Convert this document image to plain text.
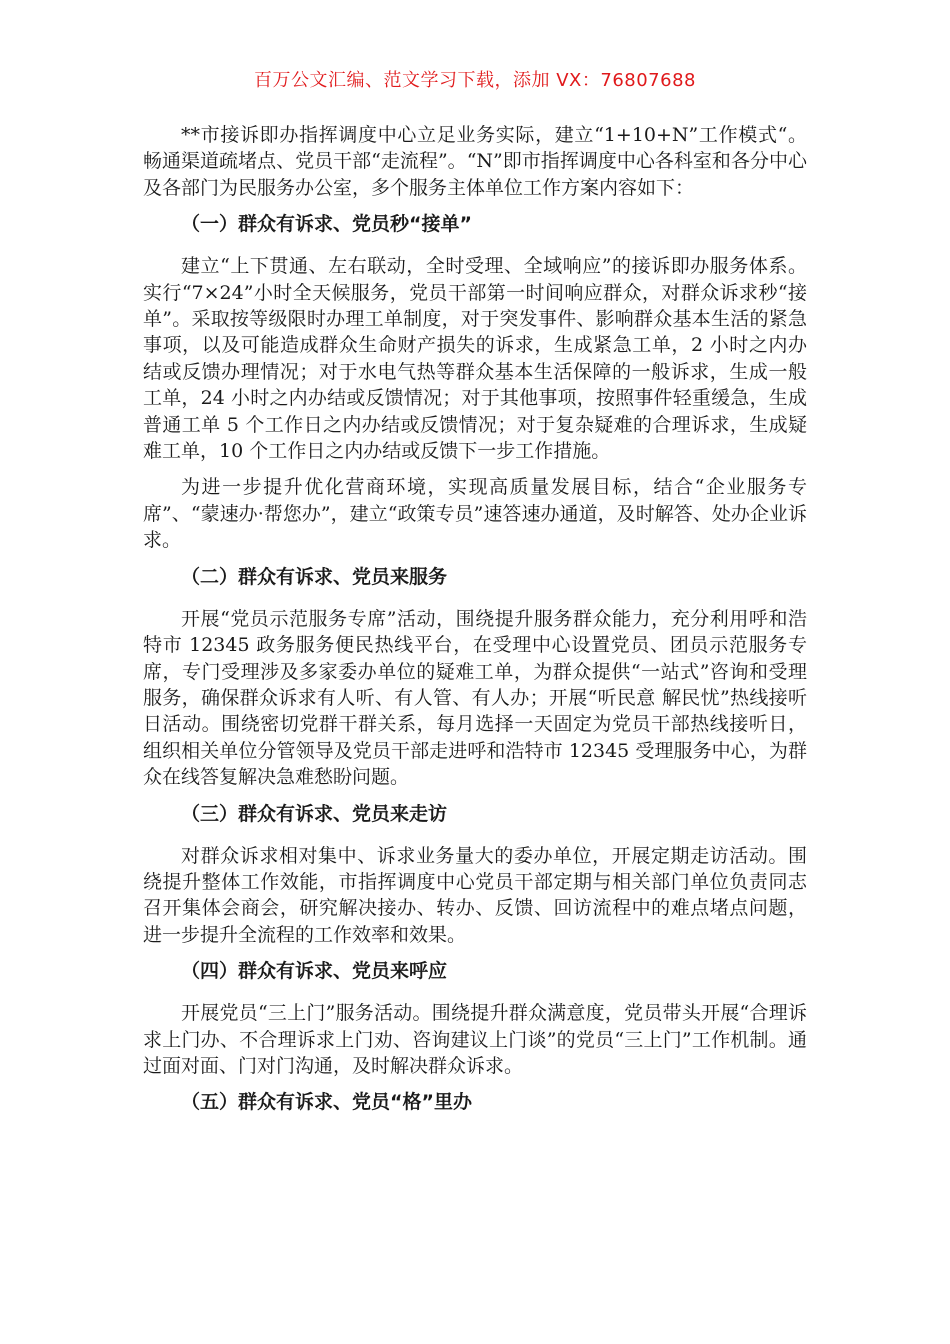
百万公文汇编、范文学习下载，添加 VX：76807688

**市接诉即办指挥调度中心立足业务实际，建立“1+10+N”工作模式“。畅通渠道疏堵点、党员干部“走流程”。“N”即市指挥调度中心各科室和各分中心及各部门为民服务办公室，多个服务主体单位工作方案内容如下：

（一）群众有诉求、党员秒“接单”

建立“上下贯通、左右联动，全时受理、全域响应”的接诉即办服务体系。实行“7×24”小时全天候服务，党员干部第一时间响应群众，对群众诉求秒“接单”。采取按等级限时办理工单制度，对于突发事件、影响群众基本生活的紧急事项，以及可能造成群众生命财产损失的诉求，生成紧急工单，2 小时之内办结或反馈办理情况；对于水电气热等群众基本生活保障的一般诉求，生成一般工单，24 小时之内办结或反馈情况；对于其他事项，按照事件轻重缓急，生成普通工单 5 个工作日之内办结或反馈情况；对于复杂疑难的合理诉求，生成疑难工单，10 个工作日之内办结或反馈下一步工作措施。

为进一步提升优化营商环境，实现高质量发展目标，结合“企业服务专席”、“蒙速办·帮您办”，建立“政策专员”速答速办通道，及时解答、处办企业诉求。

（二）群众有诉求、党员来服务

开展“党员示范服务专席”活动，围绕提升服务群众能力，充分利用呼和浩特市 12345 政务服务便民热线平台，在受理中心设置党员、团员示范服务专席，专门受理涉及多家委办单位的疑难工单，为群众提供“一站式”咨询和受理服务，确保群众诉求有人听、有人管、有人办；开展“听民意 解民忧”热线接听日活动。围绕密切党群干群关系，每月选择一天固定为党员干部热线接听日，组织相关单位分管领导及党员干部走进呼和浩特市 12345 受理服务中心，为群众在线答复解决急难愁盼问题。

（三）群众有诉求、党员来走访

对群众诉求相对集中、诉求业务量大的委办单位，开展定期走访活动。围绕提升整体工作效能，市指挥调度中心党员干部定期与相关部门单位负责同志召开集体会商会，研究解决接办、转办、反馈、回访流程中的难点堵点问题，进一步提升全流程的工作效率和效果。

（四）群众有诉求、党员来呼应

开展党员“三上门”服务活动。围绕提升群众满意度，党员带头开展“合理诉求上门办、不合理诉求上门劝、咨询建议上门谈”的党员“三上门”工作机制。通过面对面、门对门沟通，及时解决群众诉求。

（五）群众有诉求、党员“格”里办
